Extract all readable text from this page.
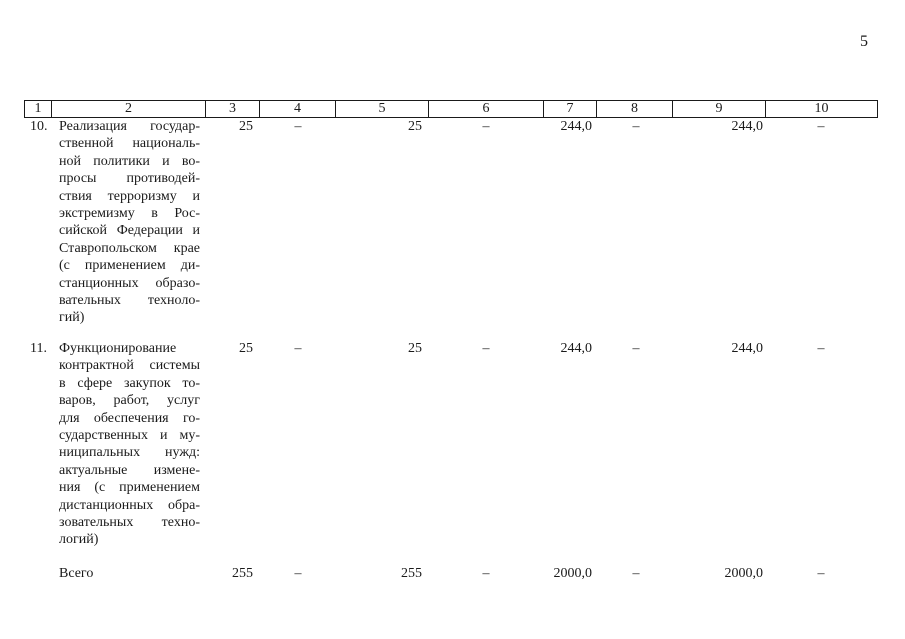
5
1	2	3	4	5	6	7	8	9	10
10. Реализация государ-
ственной националь-
ной политики и во-
просы противодей-
ствия терроризму и
экстремизму в Рос-
сийской Федерации и
Ставропольском крае
(с применением ди-
станционных образо-
вательных техноло-
гий)
25	–	25	–	244,0	–	244,0	–
11. Функционирование
контрактной системы
в сфере закупок то-
варов, работ, услуг
для обеспечения го-
сударственных и му-
ниципальных нужд:
актуальные измене-
ния (с применением
дистанционных обра-
зовательных техно-
логий)
25	–	25	–	244,0	–	244,0	–
Всего	255	–	255	–	2000,0	–	2000,0	–
